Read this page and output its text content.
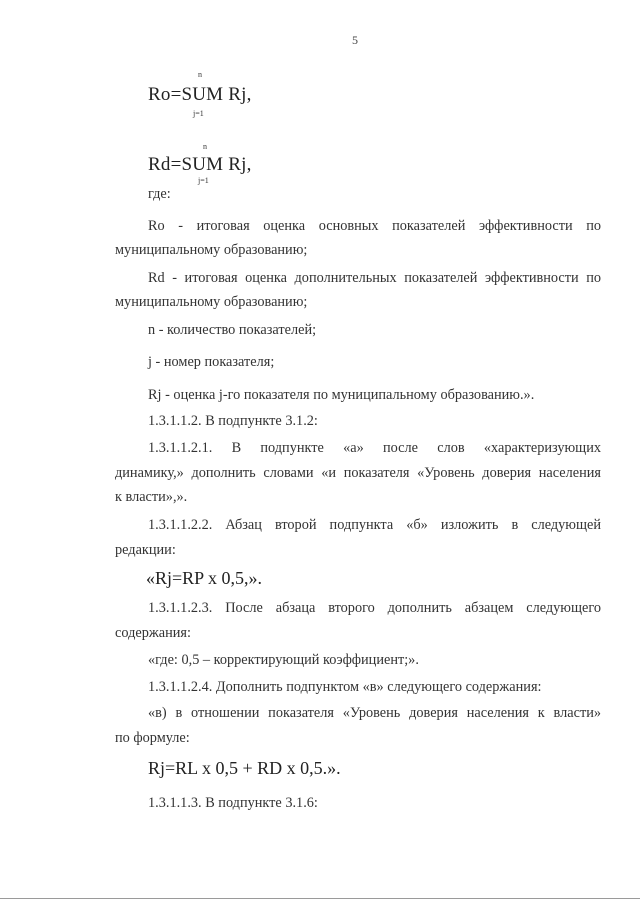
5
n
Ro=SUM Rj,
j=1
n
Rd=SUM Rj,
j=1
где:
Ro - итоговая оценка основных показателей эффективности по
муниципальному образованию;
Rd - итоговая оценка дополнительных показателей эффективности по
муниципальному образованию;
n - количество показателей;
j - номер показателя;
Rj - оценка j-го показателя по муниципальному образованию.».
1.3.1.1.2. В подпункте 3.1.2:
1.3.1.1.2.1. В подпункте «а» после слов «характеризующих
динамику,» дополнить словами «и показателя «Уровень доверия населения
к власти»,».
1.3.1.1.2.2. Абзац второй подпункта «б» изложить в следующей
редакции:
«Rj=RP x 0,5,».
1.3.1.1.2.3. После абзаца второго дополнить абзацем следующего
содержания:
«где: 0,5 – корректирующий коэффициент;».
1.3.1.1.2.4. Дополнить подпунктом «в» следующего содержания:
«в) в отношении показателя «Уровень доверия населения к власти»
по формуле:
Rj=RL x 0,5 + RD x 0,5.».
1.3.1.1.3. В подпункте 3.1.6:
